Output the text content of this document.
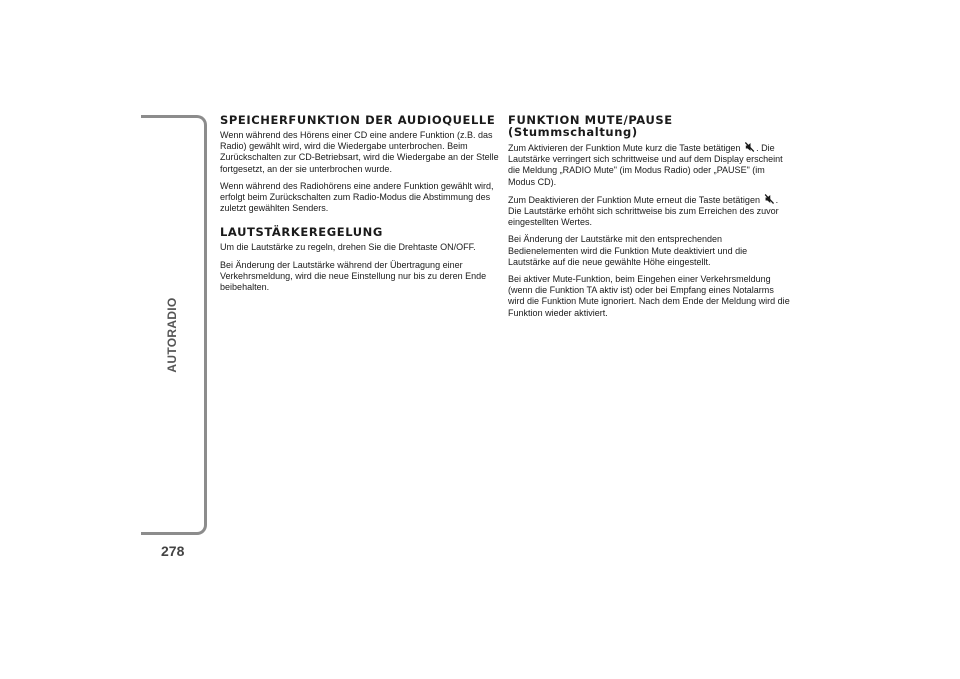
AUTORADIO
278
SPEICHERFUNKTION DER AUDIOQUELLE

Wenn während des Hörens einer CD eine andere Funktion (z.B. das Radio) gewählt wird, wird die Wiedergabe unterbrochen. Beim Zurückschalten zur CD-Betriebsart, wird die Wiedergabe an der Stelle fortgesetzt, an der sie unterbrochen wurde.

Wenn während des Radiohörens eine andere Funktion gewählt wird, erfolgt beim Zurückschalten zum Radio-Modus die Abstimmung des zuletzt gewählten Senders.

LAUTSTÄRKEREGELUNG

Um die Lautstärke zu regeln, drehen Sie die Drehtaste ON/OFF.

Bei Änderung der Lautstärke während der Übertragung einer Verkehrsmeldung, wird die neue Einstellung nur bis zu deren Ende beibehalten.

FUNKTION MUTE/PAUSE
(Stummschaltung)

Zum Aktivieren der Funktion Mute kurz die Taste betätigen . Die Lautstärke verringert sich schrittweise und auf dem Display erscheint die Meldung „RADIO Mute" (im Modus Radio) oder „PAUSE" (im Modus CD).

Zum Deaktivieren der Funktion Mute erneut die Taste betätigen . Die Lautstärke erhöht sich schrittweise bis zum Erreichen des zuvor eingestellten Wertes.

Bei Änderung der Lautstärke mit den entsprechenden Bedienelementen wird die Funktion Mute deaktiviert und die Lautstärke auf die neue gewählte Höhe eingestellt.

Bei aktiver Mute-Funktion, beim Eingehen einer Verkehrsmeldung (wenn die Funktion TA aktiv ist) oder bei Empfang eines Notalarms wird die Funktion Mute ignoriert. Nach dem Ende der Meldung wird die Funktion wieder aktiviert.
